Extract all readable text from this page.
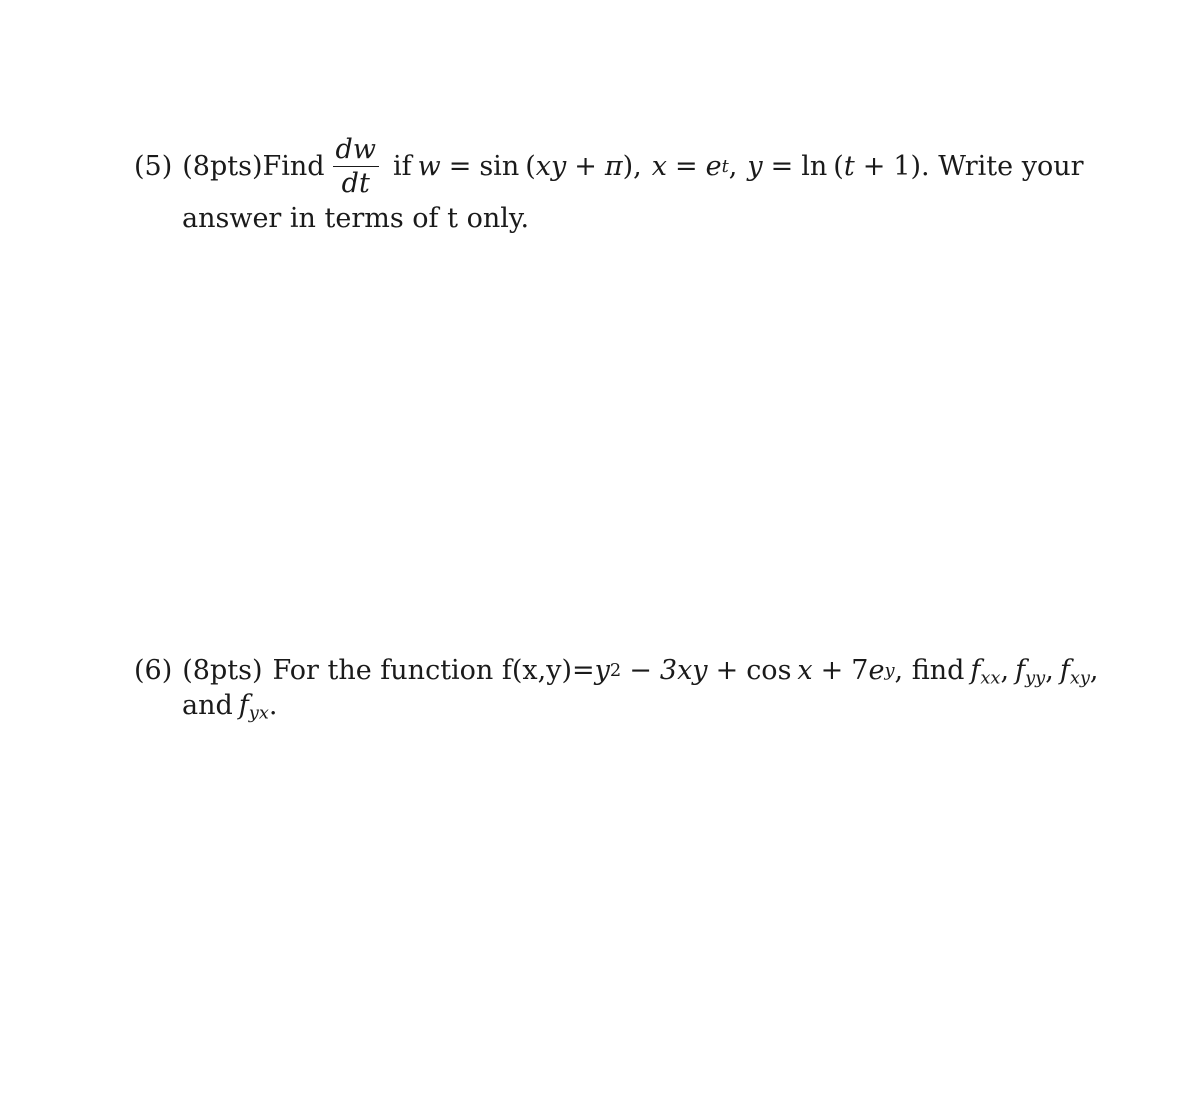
(5) (8pts)Find $\frac{dw}{dt}$ if w = sin ( xy + π ), x = e t , y = ln ( t + 1 ) . Write your
answer in terms of t only.
(6) (8pts) For the function f(x,y)= y 2 − 3xy + cos x + 7 e y , find $f_{xx}$ , $f_{yy}$ , $f_{xy}$ ,
and $f_{yx}$ .
